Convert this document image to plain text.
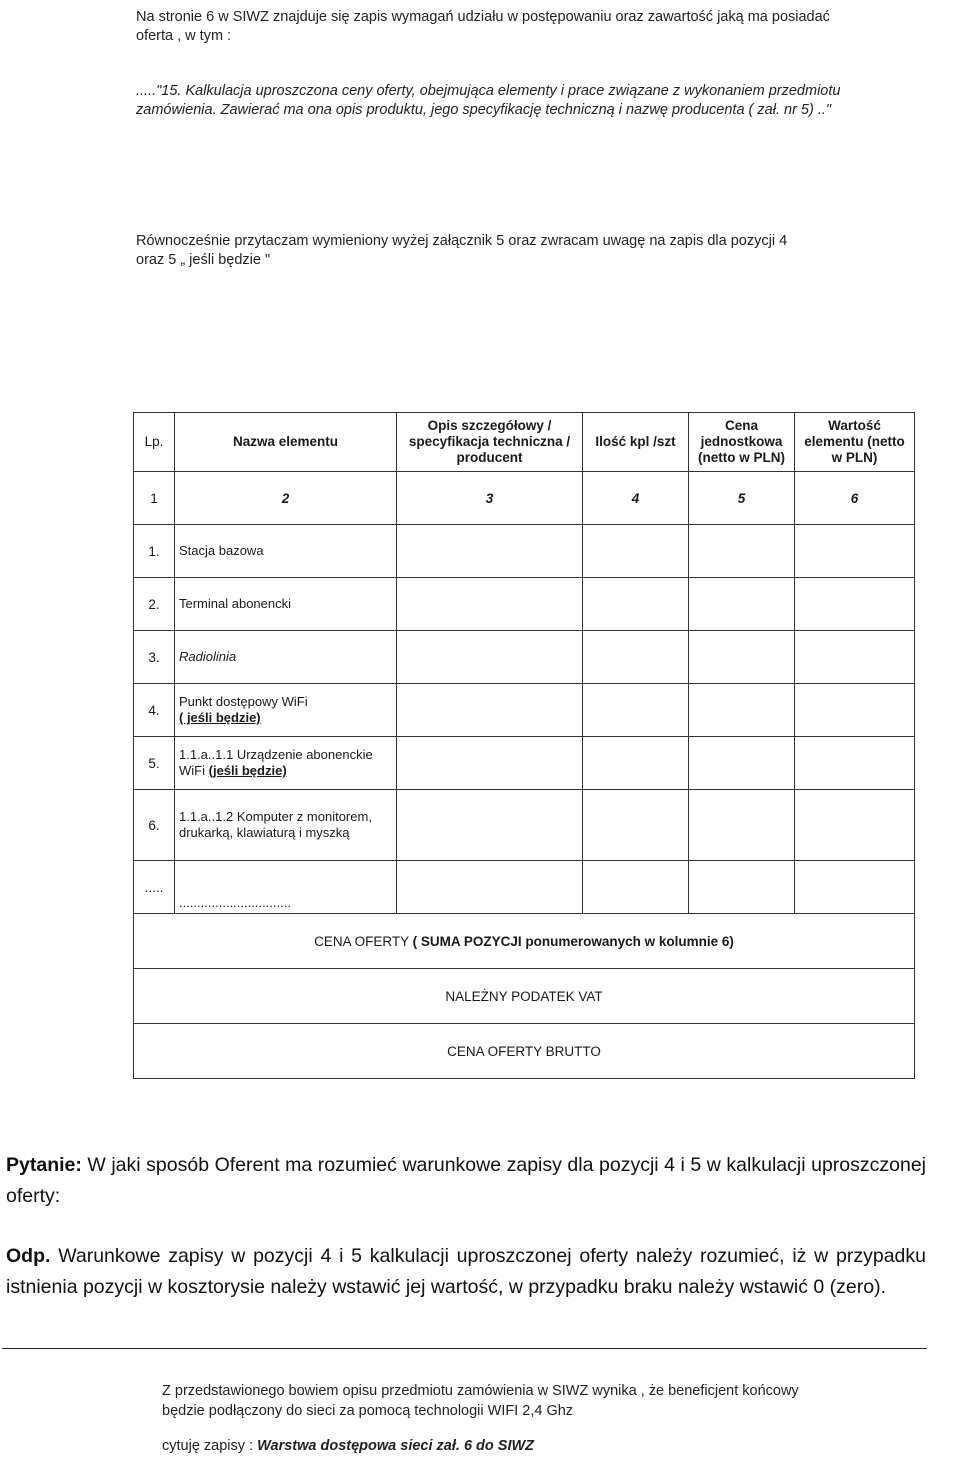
Na stronie 6 w SIWZ znajduje się zapis wymagań udziału w postępowaniu oraz zawartość jaką ma posiadać oferta , w tym :
....."15. Kalkulacja uproszczona ceny oferty, obejmująca elementy i prace związane z wykonaniem przedmiotu zamówienia. Zawierać ma ona opis produktu, jego specyfikację techniczną i nazwę producenta ( zał. nr 5) .."
Równocześnie przytaczam wymieniony wyżej załącznik 5 oraz zwracam uwagę na zapis dla pozycji 4 oraz 5 „ jeśli będzie "
Lp.	Nazwa elementu	Opis szczegółowy / specyfikacja techniczna / producent	Ilość kpl /szt	Cena jednostkowa (netto w PLN)	Wartość elementu (netto w PLN)
1	2	3	4	5	6
1.	Stacja bazowa				
2.	Terminal abonencki				
3.	Radiolinia				
4.	Punkt dostępowy WiFi
( jeśli będzie)				
5.	1.1.a..1.1 Urządzenie abonenckie WiFi (jeśli będzie)				
6.	1.1.a..1.2 Komputer z monitorem, drukarką, klawiaturą i myszką				
.....	...............................				
CENA OFERTY ( SUMA POZYCJI ponumerowanych w kolumnie 6)					
NALEŻNY PODATEK VAT					
CENA OFERTY BRUTTO					
Pytanie: W jaki sposób Oferent ma rozumieć warunkowe zapisy dla pozycji 4 i 5 w kalkulacji uproszczonej oferty:
Odp. Warunkowe zapisy w pozycji 4 i 5 kalkulacji uproszczonej oferty należy rozumieć, iż w przypadku istnienia pozycji w kosztorysie należy wstawić jej wartość, w przypadku braku należy wstawić 0 (zero).
Z przedstawionego bowiem opisu przedmiotu zamówienia w SIWZ wynika , że beneficjent końcowy będzie podłączony do sieci za pomocą technologii WIFI 2,4 Ghz
cytuję zapisy : Warstwa dostępowa sieci zał. 6 do SIWZ
